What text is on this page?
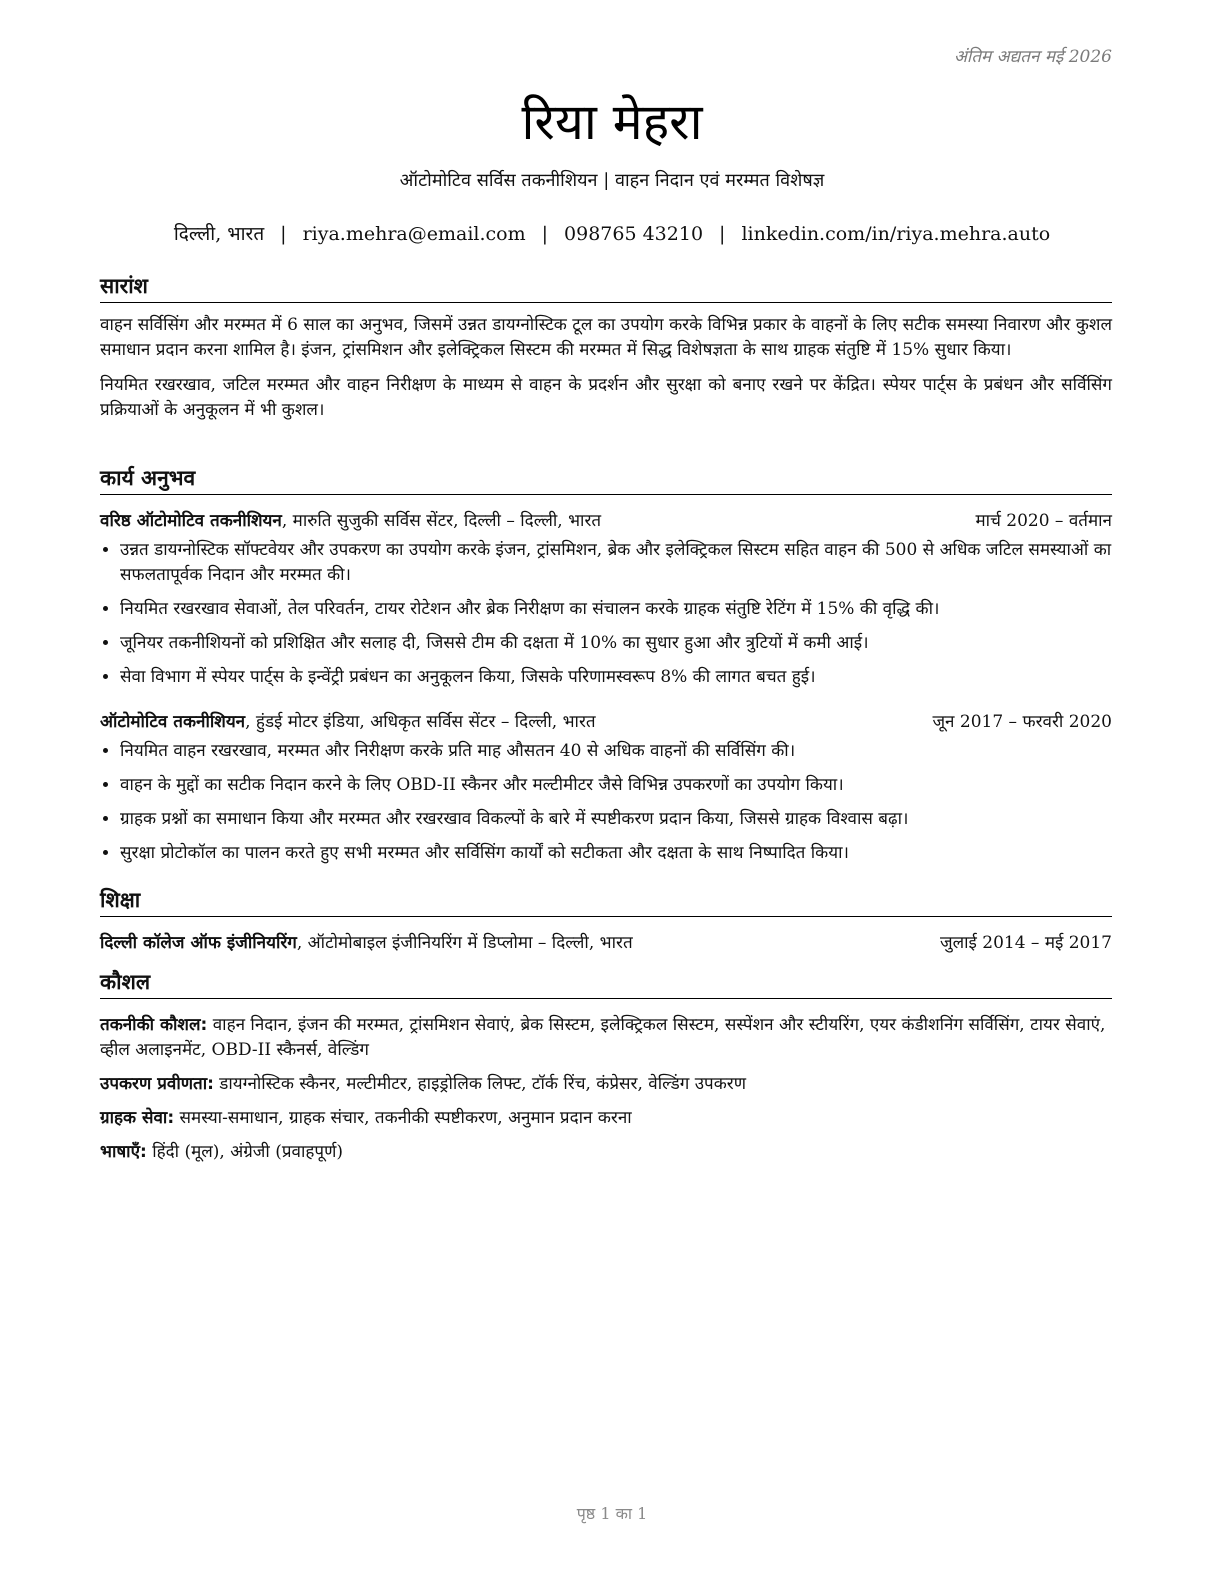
अंतिम अद्यतन मई 2026
रिया मेहरा
ऑटोमोटिव सर्विस तकनीशियन | वाहन निदान एवं मरम्मत विशेषज्ञ
दिल्ली, भारत | riya.mehra@email.com | 098765 43210 | linkedin.com/in/riya.mehra.auto
सारांश

वाहन सर्विसिंग और मरम्मत में 6 साल का अनुभव, जिसमें उन्नत डायग्नोस्टिक टूल का उपयोग करके विभिन्न प्रकार के वाहनों के लिए सटीक समस्या निवारण और कुशल समाधान प्रदान करना शामिल है। इंजन, ट्रांसमिशन और इलेक्ट्रिकल सिस्टम की मरम्मत में सिद्ध विशेषज्ञता के साथ ग्राहक संतुष्टि में 15% सुधार किया।

नियमित रखरखाव, जटिल मरम्मत और वाहन निरीक्षण के माध्यम से वाहन के प्रदर्शन और सुरक्षा को बनाए रखने पर केंद्रित। स्पेयर पार्ट्स के प्रबंधन और सर्विसिंग प्रक्रियाओं के अनुकूलन में भी कुशल।

कार्य अनुभव
वरिष्ठ ऑटोमोटिव तकनीशियन, मारुति सुजुकी सर्विस सेंटर, दिल्ली – दिल्ली, भारत	मार्च 2020 – वर्तमान
• उन्नत डायग्नोस्टिक सॉफ्टवेयर और उपकरण का उपयोग करके इंजन, ट्रांसमिशन, ब्रेक और इलेक्ट्रिकल सिस्टम सहित वाहन की 500 से अधिक जटिल समस्याओं का सफलतापूर्वक निदान और मरम्मत की।
• नियमित रखरखाव सेवाओं, तेल परिवर्तन, टायर रोटेशन और ब्रेक निरीक्षण का संचालन करके ग्राहक संतुष्टि रेटिंग में 15% की वृद्धि की।
• जूनियर तकनीशियनों को प्रशिक्षित और सलाह दी, जिससे टीम की दक्षता में 10% का सुधार हुआ और त्रुटियों में कमी आई।
• सेवा विभाग में स्पेयर पार्ट्स के इन्वेंट्री प्रबंधन का अनुकूलन किया, जिसके परिणामस्वरूप 8% की लागत बचत हुई।
ऑटोमोटिव तकनीशियन, हुंडई मोटर इंडिया, अधिकृत सर्विस सेंटर – दिल्ली, भारत	जून 2017 – फरवरी 2020
• नियमित वाहन रखरखाव, मरम्मत और निरीक्षण करके प्रति माह औसतन 40 से अधिक वाहनों की सर्विसिंग की।
• वाहन के मुद्दों का सटीक निदान करने के लिए OBD-II स्कैनर और मल्टीमीटर जैसे विभिन्न उपकरणों का उपयोग किया।
• ग्राहक प्रश्नों का समाधान किया और मरम्मत और रखरखाव विकल्पों के बारे में स्पष्टीकरण प्रदान किया, जिससे ग्राहक विश्वास बढ़ा।
• सुरक्षा प्रोटोकॉल का पालन करते हुए सभी मरम्मत और सर्विसिंग कार्यों को सटीकता और दक्षता के साथ निष्पादित किया।
शिक्षा
दिल्ली कॉलेज ऑफ इंजीनियरिंग, ऑटोमोबाइल इंजीनियरिंग में डिप्लोमा – दिल्ली, भारत	जुलाई 2014 – मई 2017
कौशल
तकनीकी कौशल: वाहन निदान, इंजन की मरम्मत, ट्रांसमिशन सेवाएं, ब्रेक सिस्टम, इलेक्ट्रिकल सिस्टम, सस्पेंशन और स्टीयरिंग, एयर कंडीशनिंग सर्विसिंग, टायर सेवाएं, व्हील अलाइनमेंट, OBD-II स्कैनर्स, वेल्डिंग
उपकरण प्रवीणता: डायग्नोस्टिक स्कैनर, मल्टीमीटर, हाइड्रोलिक लिफ्ट, टॉर्क रिंच, कंप्रेसर, वेल्डिंग उपकरण
ग्राहक सेवा: समस्या-समाधान, ग्राहक संचार, तकनीकी स्पष्टीकरण, अनुमान प्रदान करना
भाषाएँ: हिंदी (मूल), अंग्रेजी (प्रवाहपूर्ण)
पृष्ठ 1 का 1
